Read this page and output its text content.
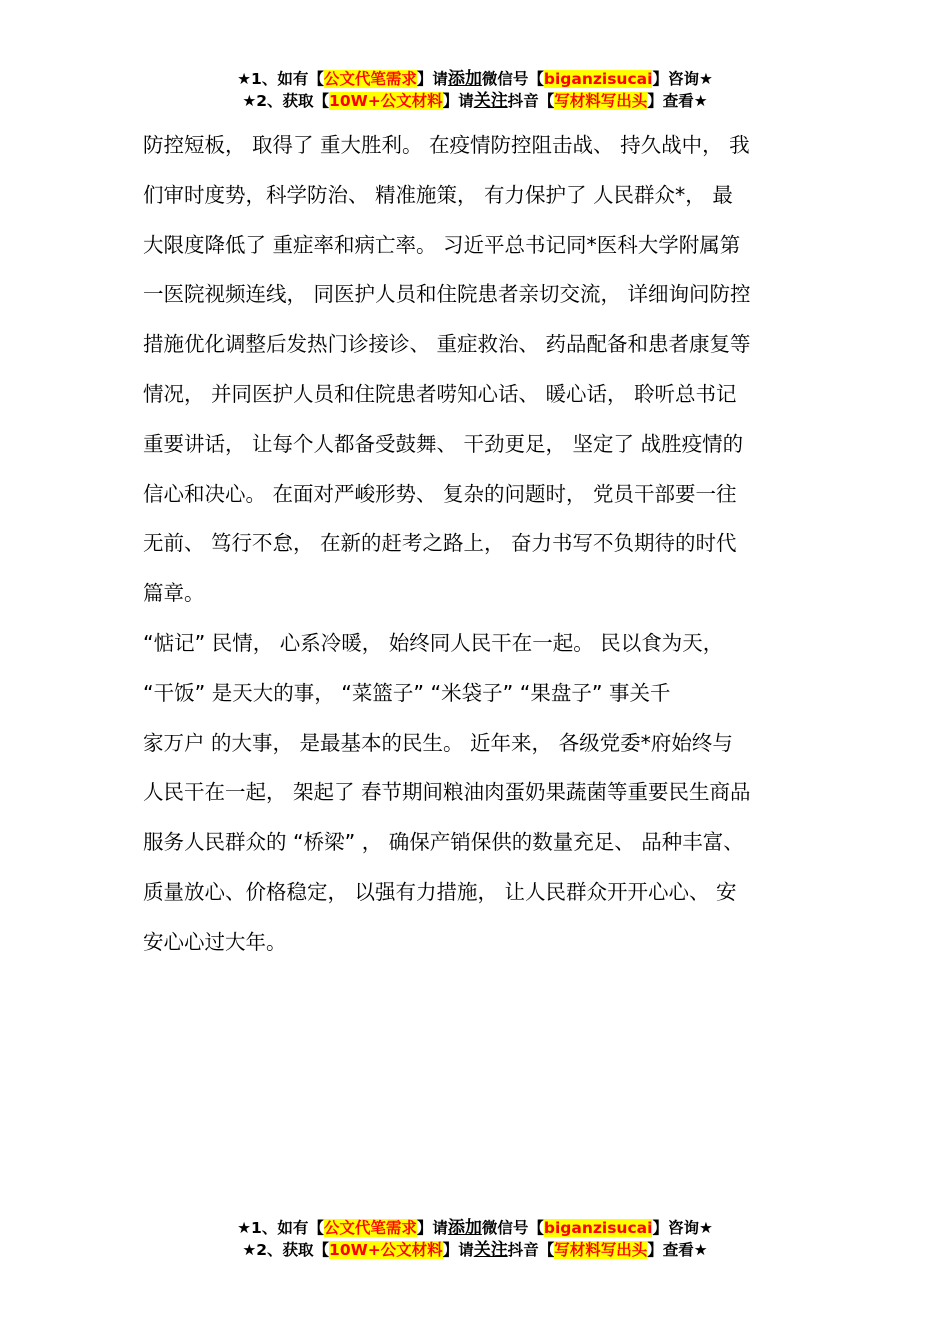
★1、如有【公文代笔需求】请添加微信号【biganzisucai】咨询★
★2、获取【10W+公文材料】请关注抖音【写材料写出头】查看★
防控短板， 取得了 重大胜利。 在疫情防控阻击战、 持久战中， 我
们审时度势，科学防治、 精准施策， 有力保护了 人民群众*， 最
大限度降低了 重症率和病亡率。 习近平总书记同*医科大学附属第
一医院视频连线， 同医护人员和住院患者亲切交流， 详细询问防控
措施优化调整后发热门诊接诊、 重症救治、 药品配备和患者康复等
情况， 并同医护人员和住院患者唠知心话、 暖心话， 聆听总书记
重要讲话， 让每个人都备受鼓舞、 干劲更足， 坚定了 战胜疫情的
信心和决心。 在面对严峻形势、 复杂的问题时， 党员干部要一往
无前、 笃行不怠， 在新的赶考之路上， 奋力书写不负期待的时代
篇章。
“惦记” 民情， 心系冷暖， 始终同人民干在一起。 民以食为天，
“干饭” 是天大的事， “菜篮子” “米袋子” “果盘子” 事关千
家万户 的大事， 是最基本的民生。 近年来， 各级党委*府始终与
人民干在一起， 架起了 春节期间粮油肉蛋奶果蔬菌等重要民生商品
服务人民群众的 “桥梁” ， 确保产销保供的数量充足、 品种丰富、
质量放心、价格稳定， 以强有力措施， 让人民群众开开心心、 安
安心心过大年。
★1、如有【公文代笔需求】请添加微信号【biganzisucai】咨询★
★2、获取【10W+公文材料】请关注抖音【写材料写出头】查看★
